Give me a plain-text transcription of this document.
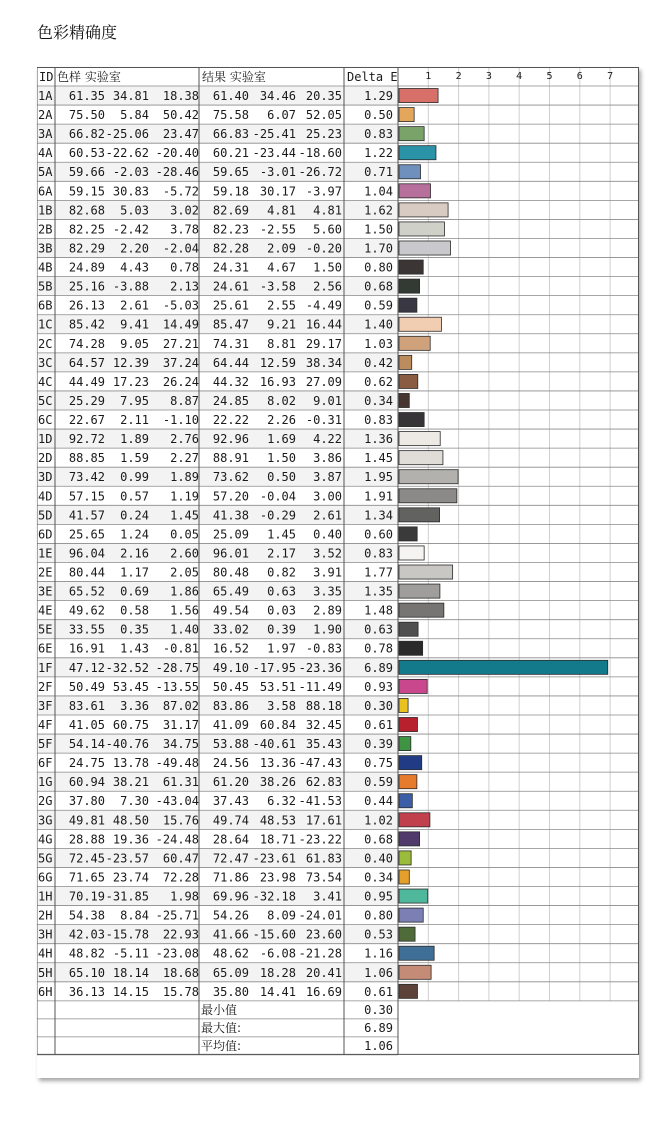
色彩精确度
ID 色样 实验室	结果 实验室	Delta E	1 2 3 4 5 6 7
1A 61.35 34.81 18.38 61.40 34.46 20.35 1.29
2A 75.50 5.84 50.42 75.58 6.07 52.05 0.50
3A 66.82 -25.06 23.47 66.83 -25.41 25.23 0.83
4A 60.53 -22.62 -20.40 60.21 -23.44 -18.60 1.22
5A 59.66 -2.03 -28.46 59.65 -3.01 -26.72 0.71
6A 59.15 30.83 -5.72 59.18 30.17 -3.97 1.04
1B 82.68 5.03 3.02 82.69 4.81 4.81 1.62
2B 82.25 -2.42 3.78 82.23 -2.55 5.60 1.50
3B 82.29 2.20 -2.04 82.28 2.09 -0.20 1.70
4B 24.89 4.43 0.78 24.31 4.67 1.50 0.80
5B 25.16 -3.88 2.13 24.61 -3.58 2.56 0.68
6B 26.13 2.61 -5.03 25.61 2.55 -4.49 0.59
1C 85.42 9.41 14.49 85.47 9.21 16.44 1.40
2C 74.28 9.05 27.21 74.31 8.81 29.17 1.03
3C 64.57 12.39 37.24 64.44 12.59 38.34 0.42
4C 44.49 17.23 26.24 44.32 16.93 27.09 0.62
5C 25.29 7.95 8.87 24.85 8.02 9.01 0.34
6C 22.67 2.11 -1.10 22.22 2.26 -0.31 0.83
1D 92.72 1.89 2.76 92.96 1.69 4.22 1.36
2D 88.85 1.59 2.27 88.91 1.50 3.86 1.45
3D 73.42 0.99 1.89 73.62 0.50 3.87 1.95
4D 57.15 0.57 1.19 57.20 -0.04 3.00 1.91
5D 41.57 0.24 1.45 41.38 -0.29 2.61 1.34
6D 25.65 1.24 0.05 25.09 1.45 0.40 0.60
1E 96.04 2.16 2.60 96.01 2.17 3.52 0.83
2E 80.44 1.17 2.05 80.48 0.82 3.91 1.77
3E 65.52 0.69 1.86 65.49 0.63 3.35 1.35
4E 49.62 0.58 1.56 49.54 0.03 2.89 1.48
5E 33.55 0.35 1.40 33.02 0.39 1.90 0.63
6E 16.91 1.43 -0.81 16.52 1.97 -0.83 0.78
1F 47.12 -32.52 -28.75 49.10 -17.95 -23.36 6.89
2F 50.49 53.45 -13.55 50.45 53.51 -11.49 0.93
3F 83.61 3.36 87.02 83.86 3.58 88.18 0.30
4F 41.05 60.75 31.17 41.09 60.84 32.45 0.61
5F 54.14 -40.76 34.75 53.88 -40.61 35.43 0.39
6F 24.75 13.78 -49.48 24.56 13.36 -47.43 0.75
1G 60.94 38.21 61.31 61.20 38.26 62.83 0.59
2G 37.80 7.30 -43.04 37.43 6.32 -41.53 0.44
3G 49.81 48.50 15.76 49.74 48.53 17.61 1.02
4G 28.88 19.36 -24.48 28.64 18.71 -23.22 0.68
5G 72.45 -23.57 60.47 72.47 -23.61 61.83 0.40
6G 71.65 23.74 72.28 71.86 23.98 73.54 0.34
1H 70.19 -31.85 1.98 69.96 -32.18 3.41 0.95
2H 54.38 8.84 -25.71 54.26 8.09 -24.01 0.80
3H 42.03 -15.78 22.93 41.66 -15.60 23.60 0.53
4H 48.82 -5.11 -23.08 48.62 -6.08 -21.28 1.16
5H 65.10 18.14 18.68 65.09 18.28 20.41 1.06
6H 36.13 14.15 15.78 35.80 14.41 16.69 0.61
最小值	0.30
最大值:	6.89
平均值:	1.06
